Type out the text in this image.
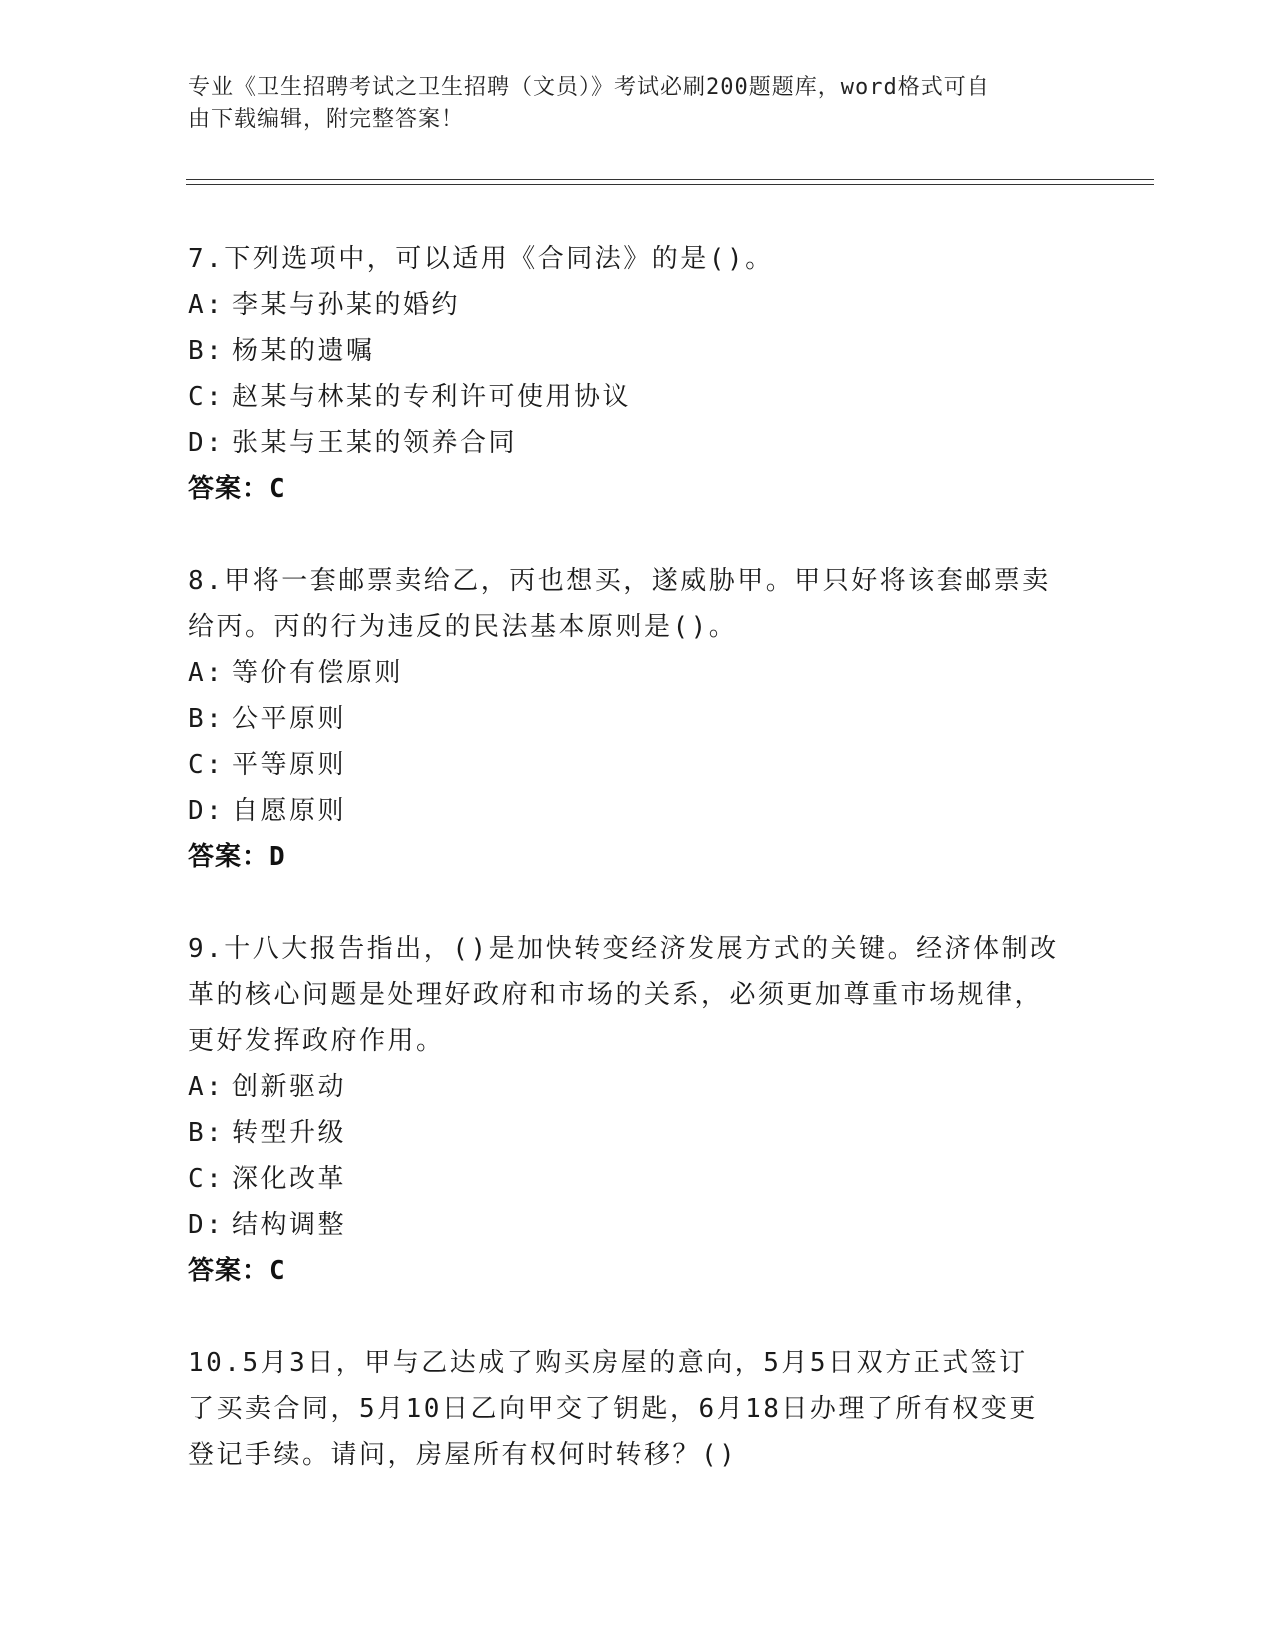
专业《卫生招聘考试之卫生招聘（文员）》考试必刷200题题库，word格式可自
由下载编辑，附完整答案！

7.下列选项中，可以适用《合同法》的是()。

A: 李某与孙某的婚约

B: 杨某的遗嘱

C: 赵某与林某的专利许可使用协议

D: 张某与王某的领养合同

答案：C

8.甲将一套邮票卖给乙，丙也想买，遂威胁甲。甲只好将该套邮票卖

给丙。丙的行为违反的民法基本原则是()。

A: 等价有偿原则

B: 公平原则

C: 平等原则

D: 自愿原则

答案：D

9.十八大报告指出，()是加快转变经济发展方式的关键。经济体制改

革的核心问题是处理好政府和市场的关系，必须更加尊重市场规律，

更好发挥政府作用。

A: 创新驱动

B: 转型升级

C: 深化改革

D: 结构调整

答案：C

10.5月3日，甲与乙达成了购买房屋的意向，5月5日双方正式签订

了买卖合同，5月10日乙向甲交了钥匙，6月18日办理了所有权变更

登记手续。请问，房屋所有权何时转移？()
